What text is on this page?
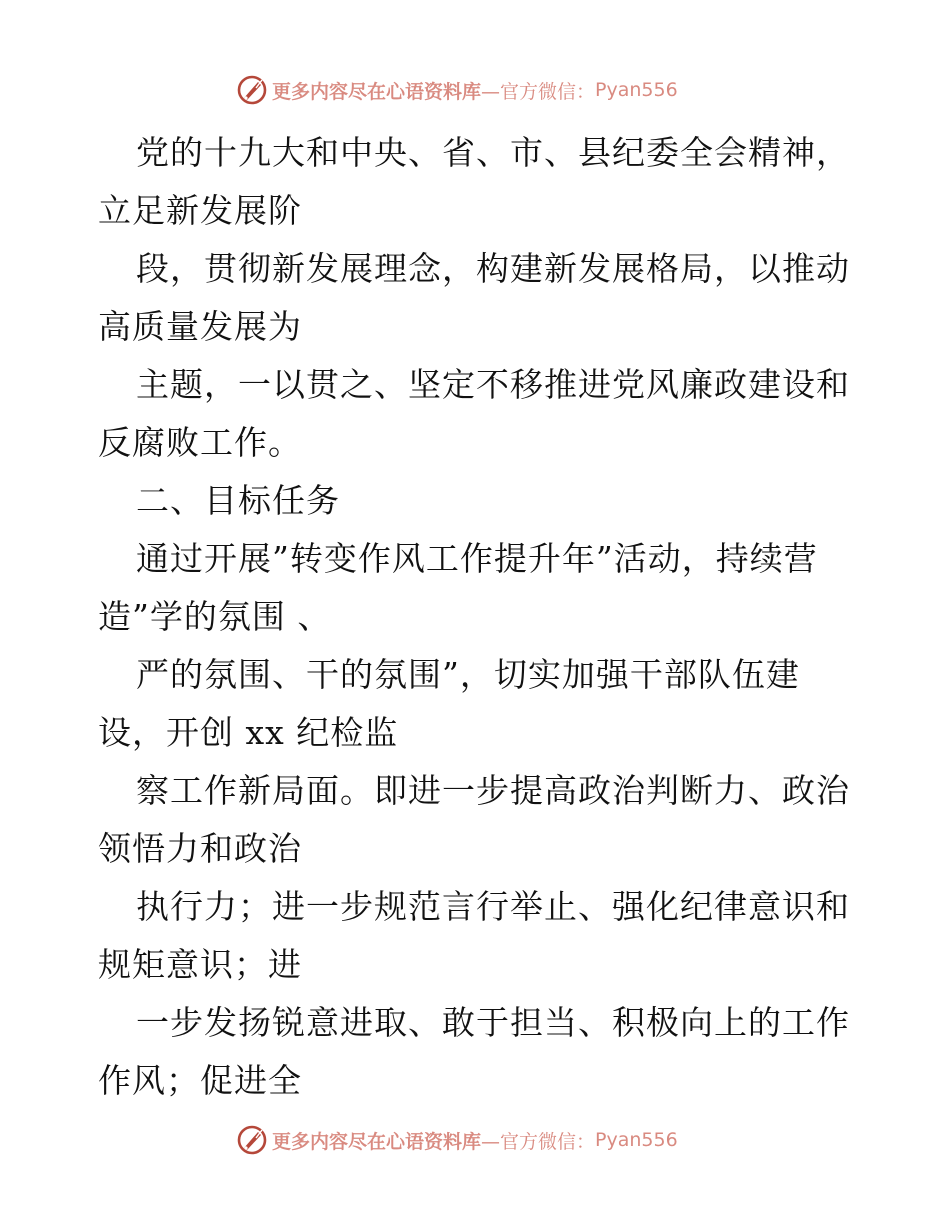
更多内容尽在心语资料库 —官方微信： Pyan556
党的十九大和中央、省、市、县纪委全会精神，
立足新发展阶
段，贯彻新发展理念，构建新发展格局，以推动
高质量发展为
主题，一以贯之、坚定不移推进党风廉政建设和
反腐败工作。
二、目标任务
通过开展”转变作风工作提升年”活动，持续营
造”学的氛围 、
严的氛围、干的氛围”，切实加强干部队伍建
设，开创 xx 纪检监
察工作新局面。即进一步提高政治判断力、政治
领悟力和政治
执行力；进一步规范言行举止、强化纪律意识和
规矩意识；进
一步发扬锐意进取、敢于担当、积极向上的工作
作风；促进全
更多内容尽在心语资料库 —官方微信： Pyan556
